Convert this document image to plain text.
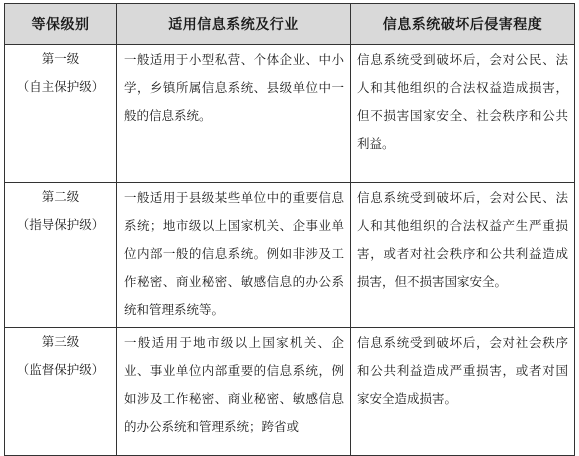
等保级别	适用信息系统及行业	信息系统破坏后侵害程度

第一级
（自主保护级）	一般适用于小型私营、个体企业、中小学，乡镇所属信息系统、县级单位中一般的信息系统。	信息系统受到破坏后，会对公民、法人和其他组织的合法权益造成损害，但不损害国家安全、社会秩序和公共利益。

第二级
（指导保护级）	一般适用于县级某些单位中的重要信息系统；地市级以上国家机关、企事业单位内部一般的信息系统。例如非涉及工作秘密、商业秘密、敏感信息的办公系统和管理系统等。	信息系统受到破坏后，会对公民、法人和其他组织的合法权益产生严重损害，或者对社会秩序和公共利益造成损害，但不损害国家安全。

第三级
（监督保护级）	一般适用于地市级以上国家机关、企业、事业单位内部重要的信息系统，例如涉及工作秘密、商业秘密、敏感信息的办公系统和管理系统；跨省或	信息系统受到破坏后，会对社会秩序和公共利益造成严重损害，或者对国家安全造成损害。
